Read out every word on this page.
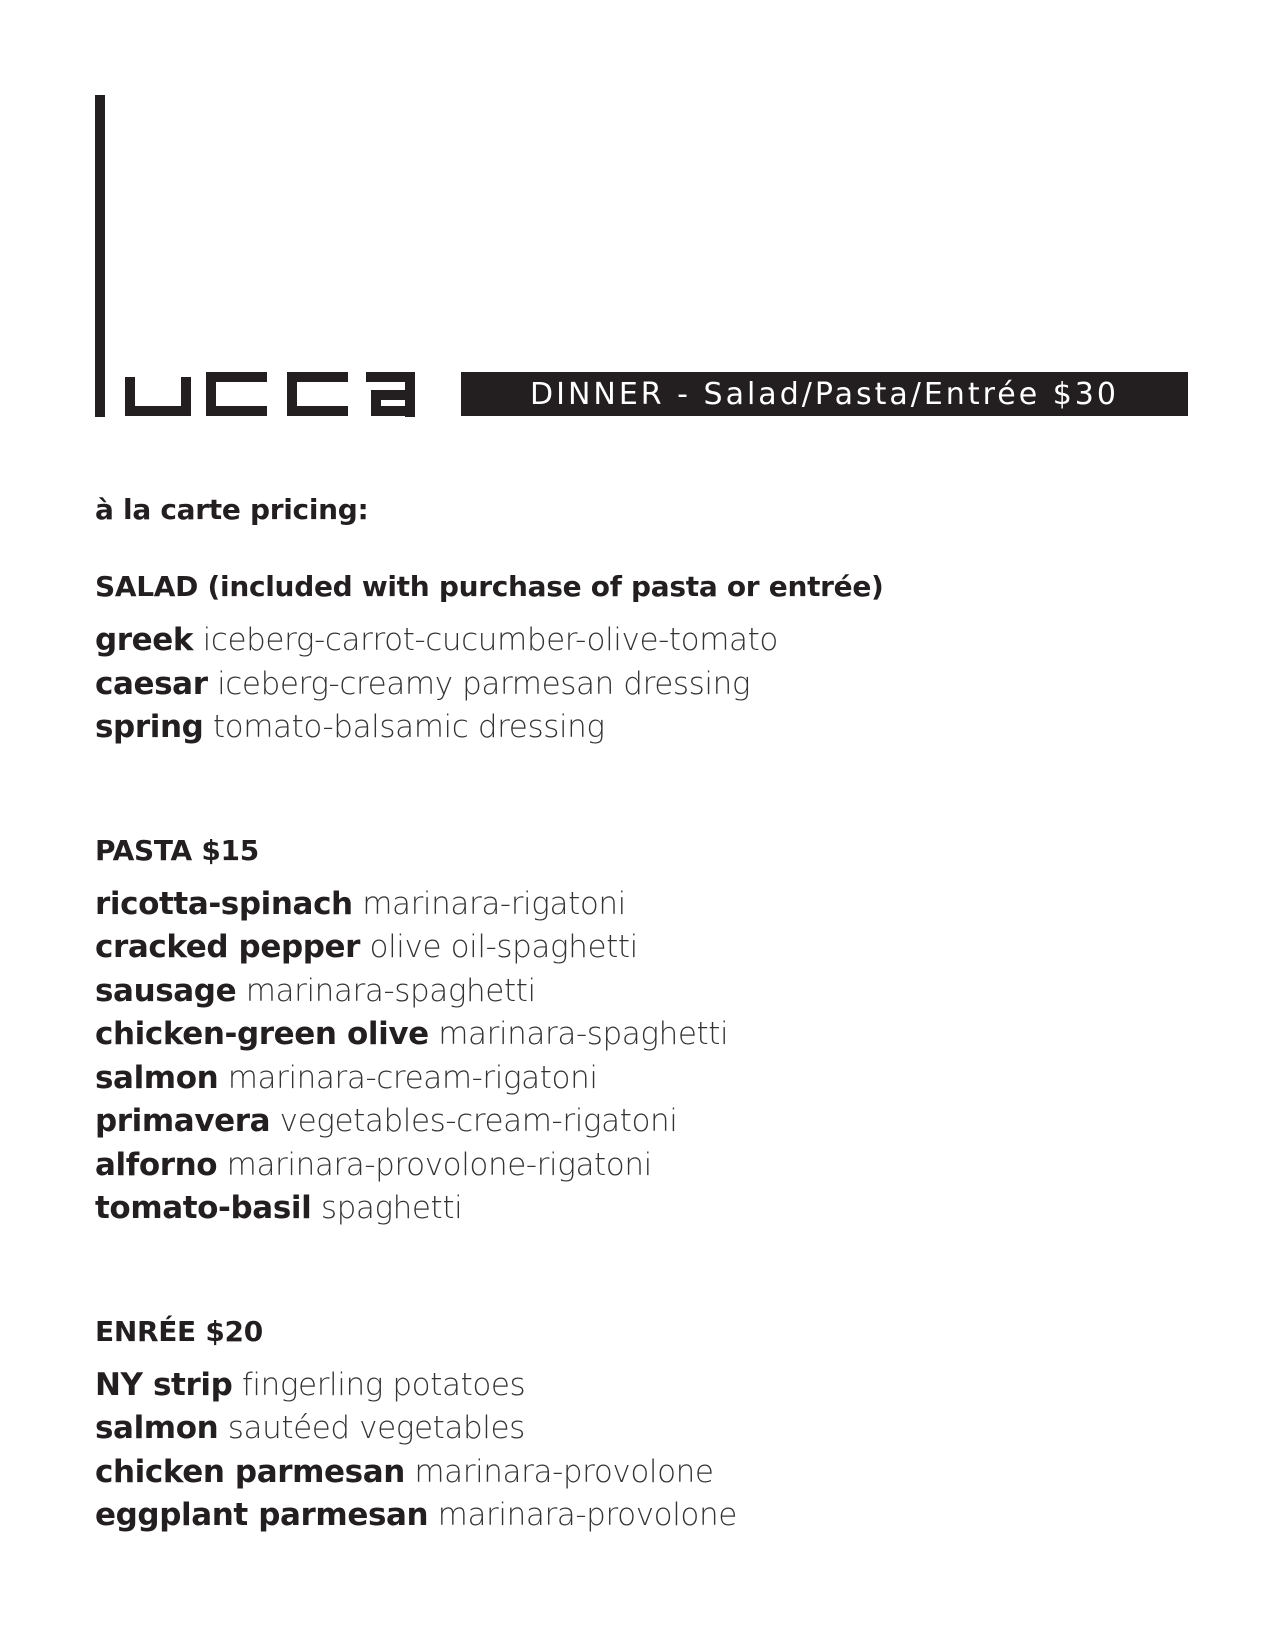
DINNER - Salad/Pasta/Entrée $30
à la carte pricing:
SALAD (included with purchase of pasta or entrée)
greek iceberg-carrot-cucumber-olive-tomato
caesar iceberg-creamy parmesan dressing
spring tomato-balsamic dressing
PASTA $15
ricotta-spinach marinara-rigatoni
cracked pepper olive oil-spaghetti
sausage marinara-spaghetti
chicken-green olive marinara-spaghetti
salmon marinara-cream-rigatoni
primavera vegetables-cream-rigatoni
alforno marinara-provolone-rigatoni
tomato-basil spaghetti
ENRÉE $20
NY strip fingerling potatoes
salmon sautéed vegetables
chicken parmesan marinara-provolone
eggplant parmesan marinara-provolone
